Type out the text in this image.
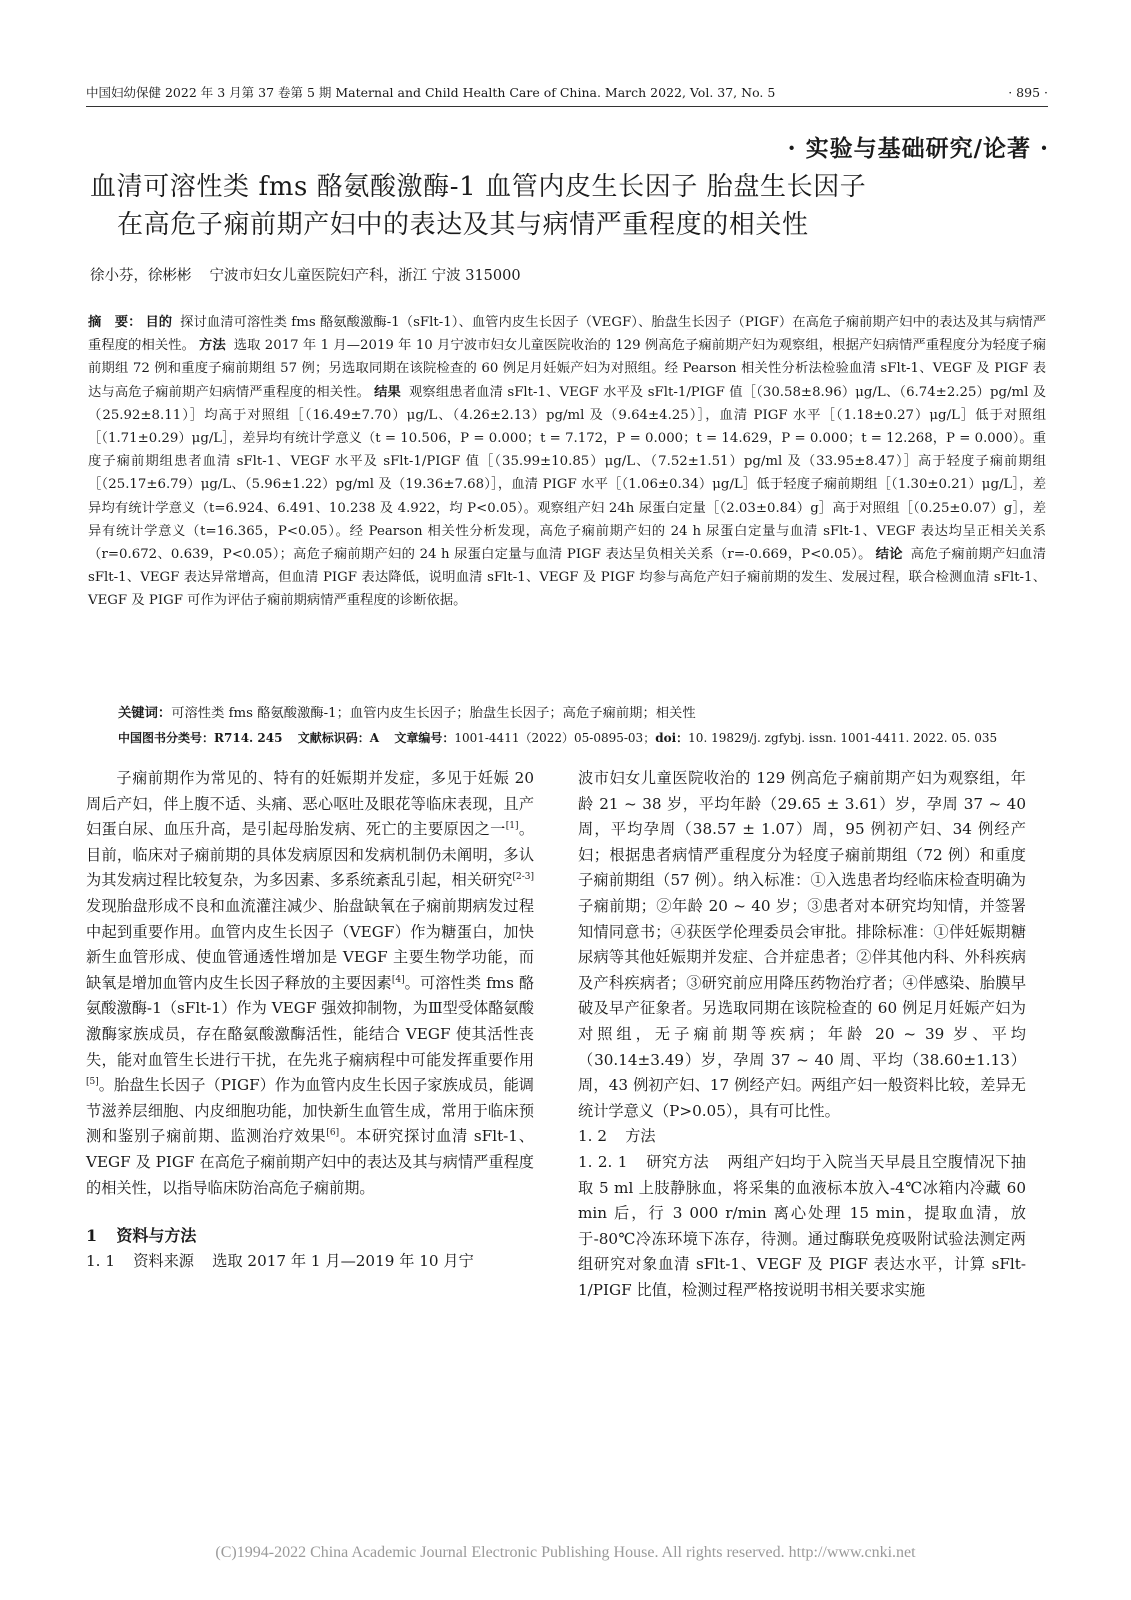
中国妇幼保健 2022 年 3 月第 37 卷第 5 期 Maternal and Child Health Care of China. March 2022, Vol. 37, No. 5	· 895 ·
· 实验与基础研究/论著 ·
血清可溶性类 fms 酪氨酸激酶-1 血管内皮生长因子 胎盘生长因子
在高危子痫前期产妇中的表达及其与病情严重程度的相关性
徐小芬，徐彬彬 宁波市妇女儿童医院妇产科，浙江 宁波 315000
摘　要： 目的 探讨血清可溶性类 fms 酪氨酸激酶-1（sFlt-1）、血管内皮生长因子（VEGF）、胎盘生长因子（PIGF）在高危子痫前期产妇中的表达及其与病情严重程度的相关性。 方法 选取 2017 年 1 月—2019 年 10 月宁波市妇女儿童医院收治的 129 例高危子痫前期产妇为观察组，根据产妇病情严重程度分为轻度子痫前期组 72 例和重度子痫前期组 57 例；另选取同期在该院检查的 60 例足月妊娠产妇为对照组。经 Pearson 相关性分析法检验血清 sFlt-1、VEGF 及 PIGF 表达与高危子痫前期产妇病情严重程度的相关性。 结果 观察组患者血清 sFlt-1、VEGF 水平及 sFlt-1/PIGF 值［（30.58±8.96）μg/L、（6.74±2.25）pg/ml 及（25.92±8.11）］均高于对照组［（16.49±7.70）μg/L、（4.26±2.13）pg/ml 及（9.64±4.25）］，血清 PIGF 水平［（1.18±0.27）μg/L］低于对照组［（1.71±0.29）μg/L］，差异均有统计学意义（t = 10.506，P = 0.000；t = 7.172，P = 0.000；t = 14.629，P = 0.000；t = 12.268，P = 0.000）。重度子痫前期组患者血清 sFlt-1、VEGF 水平及 sFlt-1/PIGF 值［（35.99±10.85）μg/L、（7.52±1.51）pg/ml 及（33.95±8.47）］高于轻度子痫前期组［（25.17±6.79）μg/L、（5.96±1.22）pg/ml 及（19.36±7.68）］，血清 PIGF 水平［（1.06±0.34）μg/L］低于轻度子痫前期组［（1.30±0.21）μg/L］，差异均有统计学意义（t=6.924、6.491、10.238 及 4.922，均 P<0.05）。观察组产妇 24h 尿蛋白定量［（2.03±0.84）g］高于对照组［（0.25±0.07）g］，差异有统计学意义（t=16.365，P<0.05）。经 Pearson 相关性分析发现，高危子痫前期产妇的 24 h 尿蛋白定量与血清 sFlt-1、VEGF 表达均呈正相关关系（r=0.672、0.639，P<0.05）；高危子痫前期产妇的 24 h 尿蛋白定量与血清 PIGF 表达呈负相关关系（r=-0.669，P<0.05）。 结论 高危子痫前期产妇血清sFlt-1、VEGF 表达异常增高，但血清 PIGF 表达降低，说明血清 sFlt-1、VEGF 及 PIGF 均参与高危产妇子痫前期的发生、发展过程，联合检测血清 sFlt-1、VEGF 及 PIGF 可作为评估子痫前期病情严重程度的诊断依据。
关键词：可溶性类 fms 酪氨酸激酶-1；血管内皮生长因子；胎盘生长因子；高危子痫前期；相关性
中国图书分类号：R714. 245 文献标识码：A 文章编号：1001-4411（2022）05-0895-03；doi：10. 19829/j. zgfybj. issn. 1001-4411. 2022. 05. 035

子痫前期作为常见的、特有的妊娠期并发症，多见于妊娠 20 周后产妇，伴上腹不适、头痛、恶心呕吐及眼花等临床表现，且产妇蛋白尿、血压升高，是引起母胎发病、死亡的主要原因之一[1]。目前，临床对子痫前期的具体发病原因和发病机制仍未阐明，多认为其发病过程比较复杂，为多因素、多系统紊乱引起，相关研究[2-3]发现胎盘形成不良和血流灌注减少、胎盘缺氧在子痫前期病发过程中起到重要作用。血管内皮生长因子（VEGF）作为糖蛋白，加快新生血管形成、使血管通透性增加是 VEGF 主要生物学功能，而缺氧是增加血管内皮生长因子释放的主要因素[4]。可溶性类 fms 酪氨酸激酶-1（sFlt-1）作为 VEGF 强效抑制物，为Ⅲ型受体酪氨酸激酶家族成员，存在酪氨酸激酶活性，能结合 VEGF 使其活性丧失，能对血管生长进行干扰，在先兆子痫病程中可能发挥重要作用[5]。胎盘生长因子（PIGF）作为血管内皮生长因子家族成员，能调节滋养层细胞、内皮细胞功能，加快新生血管生成，常用于临床预测和鉴别子痫前期、监测治疗效果[6]。本研究探讨血清 sFlt-1、VEGF 及 PIGF 在高危子痫前期产妇中的表达及其与病情严重程度的相关性，以指导临床防治高危子痫前期。

1 资料与方法

1. 1 资料来源 选取 2017 年 1 月—2019 年 10 月宁

波市妇女儿童医院收治的 129 例高危子痫前期产妇为观察组，年龄 21 ~ 38 岁，平均年龄（29.65 ± 3.61）岁，孕周 37 ~ 40 周，平均孕周（38.57 ± 1.07）周，95 例初产妇、34 例经产妇；根据患者病情严重程度分为轻度子痫前期组（72 例）和重度子痫前期组（57 例）。纳入标准：①入选患者均经临床检查明确为子痫前期；②年龄 20 ~ 40 岁；③患者对本研究均知情，并签署知情同意书；④获医学伦理委员会审批。排除标准：①伴妊娠期糖尿病等其他妊娠期并发症、合并症患者；②伴其他内科、外科疾病及产科疾病者；③研究前应用降压药物治疗者；④伴感染、胎膜早破及早产征象者。另选取同期在该院检查的 60 例足月妊娠产妇为对照组，无子痫前期等疾病；年龄 20 ~ 39 岁、平均（30.14±3.49）岁，孕周 37 ~ 40 周、平均（38.60±1.13）周，43 例初产妇、17 例经产妇。两组产妇一般资料比较，差异无统计学意义（P>0.05），具有可比性。

1. 2 方法

1. 2. 1 研究方法 两组产妇均于入院当天早晨且空腹情况下抽取 5 ml 上肢静脉血，将采集的血液标本放入-4℃冰箱内冷藏 60 min 后，行 3 000 r/min 离心处理 15 min，提取血清，放于-80℃冷冻环境下冻存，待测。通过酶联免疫吸附试验法测定两组研究对象血清 sFlt-1、VEGF 及 PIGF 表达水平，计算 sFlt-1/PIGF 比值，检测过程严格按说明书相关要求实施

(C)1994-2022 China Academic Journal Electronic Publishing House. All rights reserved. http://www.cnki.net
